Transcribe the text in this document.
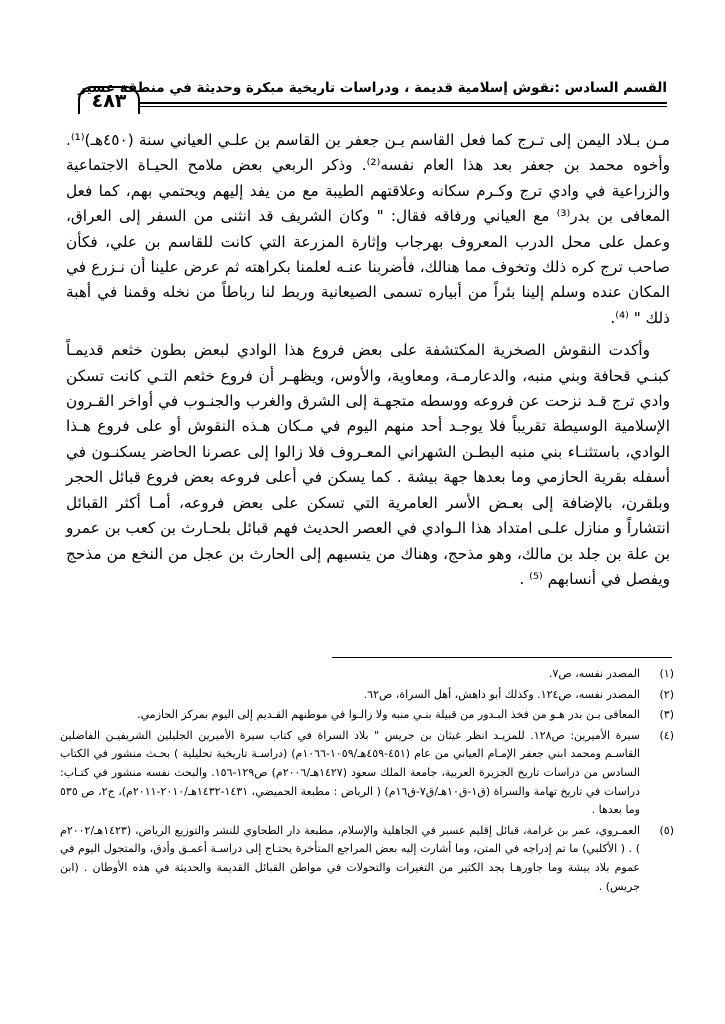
القسم السادس :نقوش إسلامية قديمة ، ودراسات تاريخية مبكرة وحديثة في منطقة عسير
٤٨٣

مـن بـلاد اليمن إلى تـرج كما فعل القاسم بـن جعفر بن القاسم بن علـي العياني سنة (٤٥٠هـ)⁽¹⁾. وأخوه محمد بن جعفر بعد هذا العام نفسه⁽²⁾. وذكر الربعي بعض ملامح الحيـاة الاجتماعية والزراعية في وادي ترج وكـرم سكانه وعلاقتهم الطيبة مع من يفد إليهم ويحتمي بهم، كما فعل المعافى بن بدر⁽³⁾ مع العياني ورفاقه فقال: " وكان الشريف قد انثنى من السفر إلى العراق، وعمل على محل الدرب المعروف بهرجاب وإثارة المزرعة التي كانت للقاسم بن علي، فكأن صاحب ترج كره ذلك وتخوف مما هنالك، فأضربنا عنـه لعلمنا بكراهته ثم عرض علينا أن نـزرع في المكان عنده وسلم إلينا بئراً من أبياره تسمى الصيعانية وربط لنا رباطاً من نخله وقمنا في أهبة ذلك " ⁽⁴⁾.

وأكدت النقوش الصخرية المكتشفة على بعض فروع هذا الوادي لبعض بطون خثعم قديمـاً كبنـي قحافة وبني منبه، والدعارمـة، ومعاوية، والأوس، ويظهـر أن فروع خثعم التـي كانت تسكن وادي ترج قـد نزحت عن فروعه ووسطه متجهـة إلى الشرق والغرب والجنـوب في أواخر القـرون الإسلامية الوسيطة تقريباً فلا يوجـد أحد منهم اليوم في مـكان هـذه النقوش أو على فروع هـذا الوادي، باستثنـاء بني منبه البطـن الشهراني المعـروف فلا زالوا إلى عصرنا الحاضر يسكنـون في أسفله بقرية الحازمي وما بعدها جهة بيشة . كما يسكن في أعلى فروعه بعض فروع قبائل الحجر وبلقرن، بالإضافة إلى بعـض الأسر العامرية التي تسكن على بعض فروعه، أمـا أكثر القبائل انتشاراً و منازل علـى امتداد هذا الـوادي في العصر الحديث فهم قبائل بلحـارث بن كعب بن عمرو بن علة بن جلد بن مالك، وهو مذحج، وهناك من ينسبهم إلى الحارث بن عجل من النخع من مذحج ويفصل في أنسابهم ⁽⁵⁾ .

(١)
المصدر نفسه، ص٧.
(٢)
المصدر نفسه، ص١٢٤. وكذلك أبو داهش، أهل السراة، ص٦٢.
(٣)
المعافى بـن بدر هـو من فخذ البـدور من قبيلة بنـي منبه ولا زالـوا في موطنهم القـديم إلى اليوم بمركز الحازمي.
(٤)
سيرة الأميرين: ص١٢٨. للمزيـد انظر غيثان بن جريس " بلاد السراة في كتاب سيرة الأميرين الجليلين الشريفيـن الفاضلين القاسـم ومحمد ابني جعفر الإمـام العياني من عام (٤٥١-٤٥٩هـ/١٠٥٩-١٠٦٦م) (دراسـة تاريخية تحليلية ) بحـث منشور في الكتاب السادس من دراسات تاريخ الجزيرة العربية، جامعة الملك سعود (١٤٢٧هـ/٢٠٠٦م) ص١٢٩-١٥٦. والبحث نفسه منشور في كتـاب: دراسات في تاريخ تهامة والسراة (ق١-ق١٠هـ/ق٧-ق١٦م) ( الرياض : مطبعة الحميضي، ١٤٣١-١٤٣٢هـ/٢٠١٠-٢٠١١م)، ج٢، ص ٥٣٥ وما بعدها .
(٥)
العمـروي، عمر بن غرامة، قبائل إقليم عسير في الجاهلية والإسلام، مطبعة دار الطحاوي للنشر والتوزيع الرياض، (١٤٢٣هـ/٢٠٠٢م ) . ( الأكلبي) ما تم إدراجه في المتن، وما أشارت إليه بعض المراجع المتأخرة يحتـاج إلى دراسـة أعمـق وأدق، والمتجول اليوم في عموم بلاد بيشة وما جاورهـا يجد الكثير من التغيرات والتحولات في مواطن القبائل القديمة والحديثة في هذه الأوطان . (ابن جريس) .
